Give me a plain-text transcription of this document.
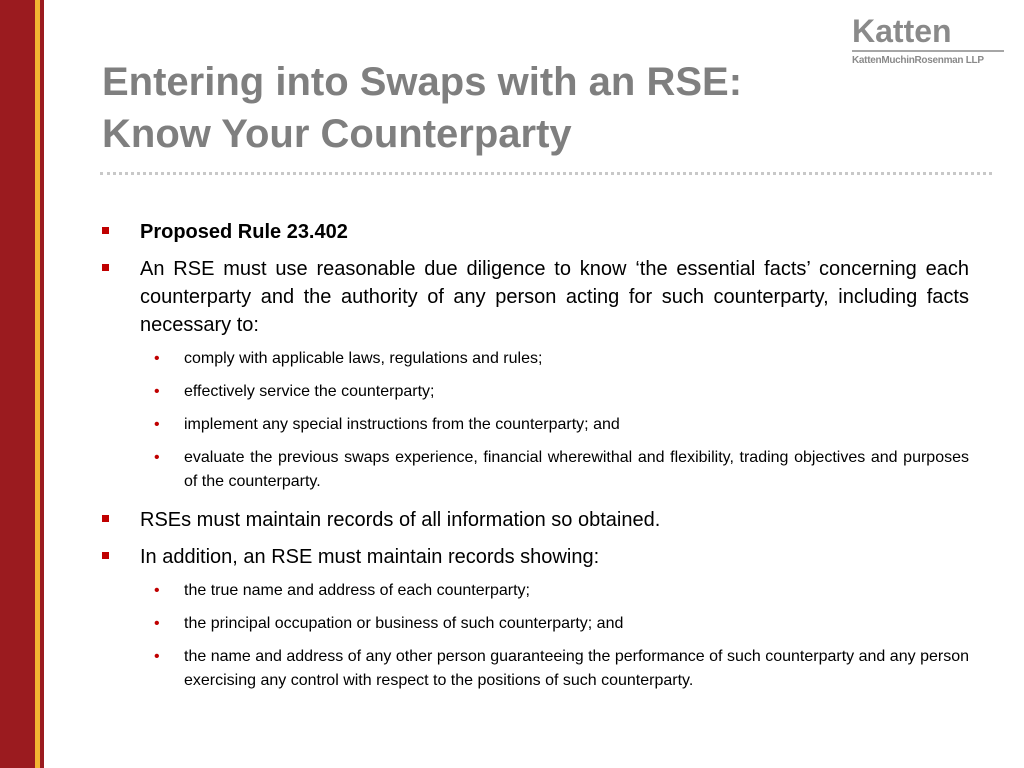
Katten
KattenMuchinRosenman LLP
Entering into Swaps with an RSE:
Know Your Counterparty
Proposed Rule 23.402
An RSE must use reasonable due diligence to know ‘the essential facts’ concerning each counterparty and the authority of any person acting for such counterparty, including facts necessary to:
• comply with applicable laws, regulations and rules;
• effectively service the counterparty;
• implement any special instructions from the counterparty; and
• evaluate the previous swaps experience, financial wherewithal and flexibility, trading objectives and purposes of the counterparty.
RSEs must maintain records of all information so obtained.
In addition, an RSE must maintain records showing:
• the true name and address of each counterparty;
• the principal occupation or business of such counterparty; and
• the name and address of any other person guaranteeing the performance of such counterparty and any person exercising any control with respect to the positions of such counterparty.
